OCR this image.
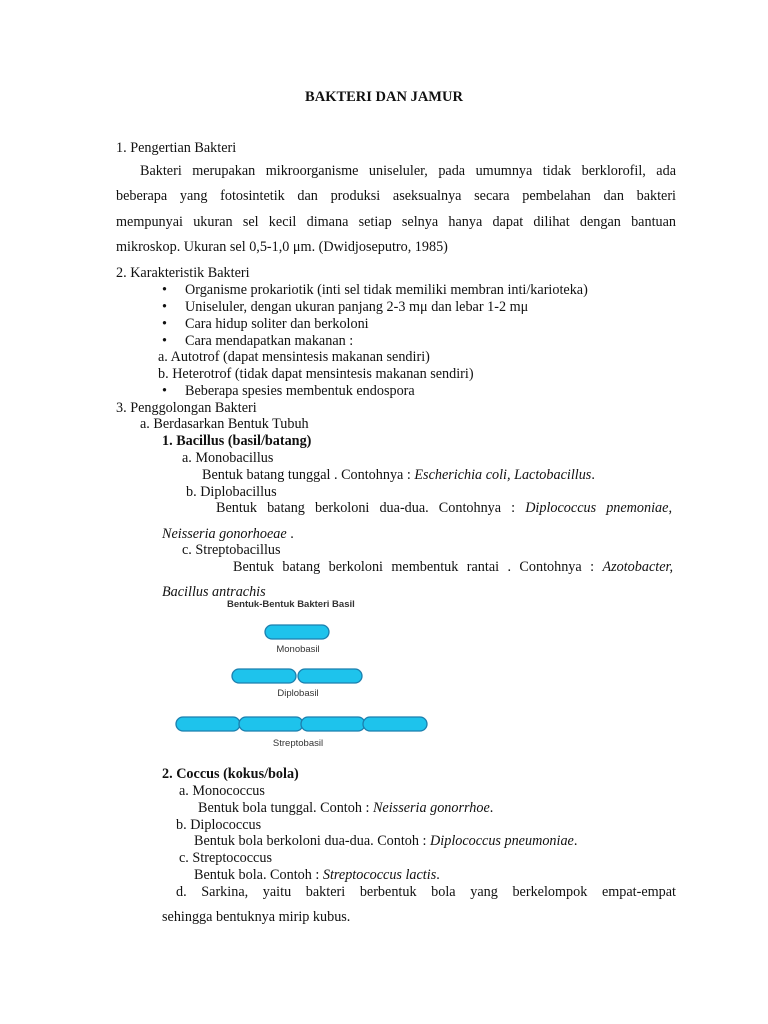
BAKTERI DAN JAMUR
1. Pengertian Bakteri
Bakteri merupakan mikroorganisme uniseluler, pada umumnya tidak berklorofil, ada
beberapa yang fotosintetik dan produksi aseksualnya secara pembelahan dan bakteri
mempunyai ukuran sel kecil dimana setiap selnya hanya dapat dilihat dengan bantuan
mikroskop. Ukuran sel 0,5-1,0 μm. (Dwidjoseputro, 1985)
2. Karakteristik Bakteri
• Organisme prokariotik (inti sel tidak memiliki membran inti/karioteka)
• Uniseluler, dengan ukuran panjang 2-3 mμ dan lebar 1-2 mμ
• Cara hidup soliter dan berkoloni
• Cara mendapatkan makanan :
a. Autotrof (dapat mensintesis makanan sendiri)
b. Heterotrof (tidak dapat mensintesis makanan sendiri)
• Beberapa spesies membentuk endospora
3. Penggolongan Bakteri
a. Berdasarkan Bentuk Tubuh
1. Bacillus (basil/batang)
a. Monobacillus
Bentuk batang tunggal . Contohnya : Escherichia coli, Lactobacillus.
b. Diplobacillus
Bentuk batang berkoloni dua-dua. Contohnya : Diplococcus pnemoniae,
Neisseria gonorhoeae .
c. Streptobacillus
Bentuk batang berkoloni membentuk rantai . Contohnya : Azotobacter,
Bacillus antrachis
Bentuk-Bentuk Bakteri Basil
Monobasil
Diplobasil
Streptobasil
2. Coccus (kokus/bola)
a. Monococcus
Bentuk bola tunggal. Contoh : Neisseria gonorrhoe.
b. Diplococcus
Bentuk bola berkoloni dua-dua. Contoh : Diplococcus pneumoniae.
c. Streptococcus
Bentuk bola. Contoh : Streptococcus lactis.
d. Sarkina, yaitu bakteri berbentuk bola yang berkelompok empat-empat
sehingga bentuknya mirip kubus.
